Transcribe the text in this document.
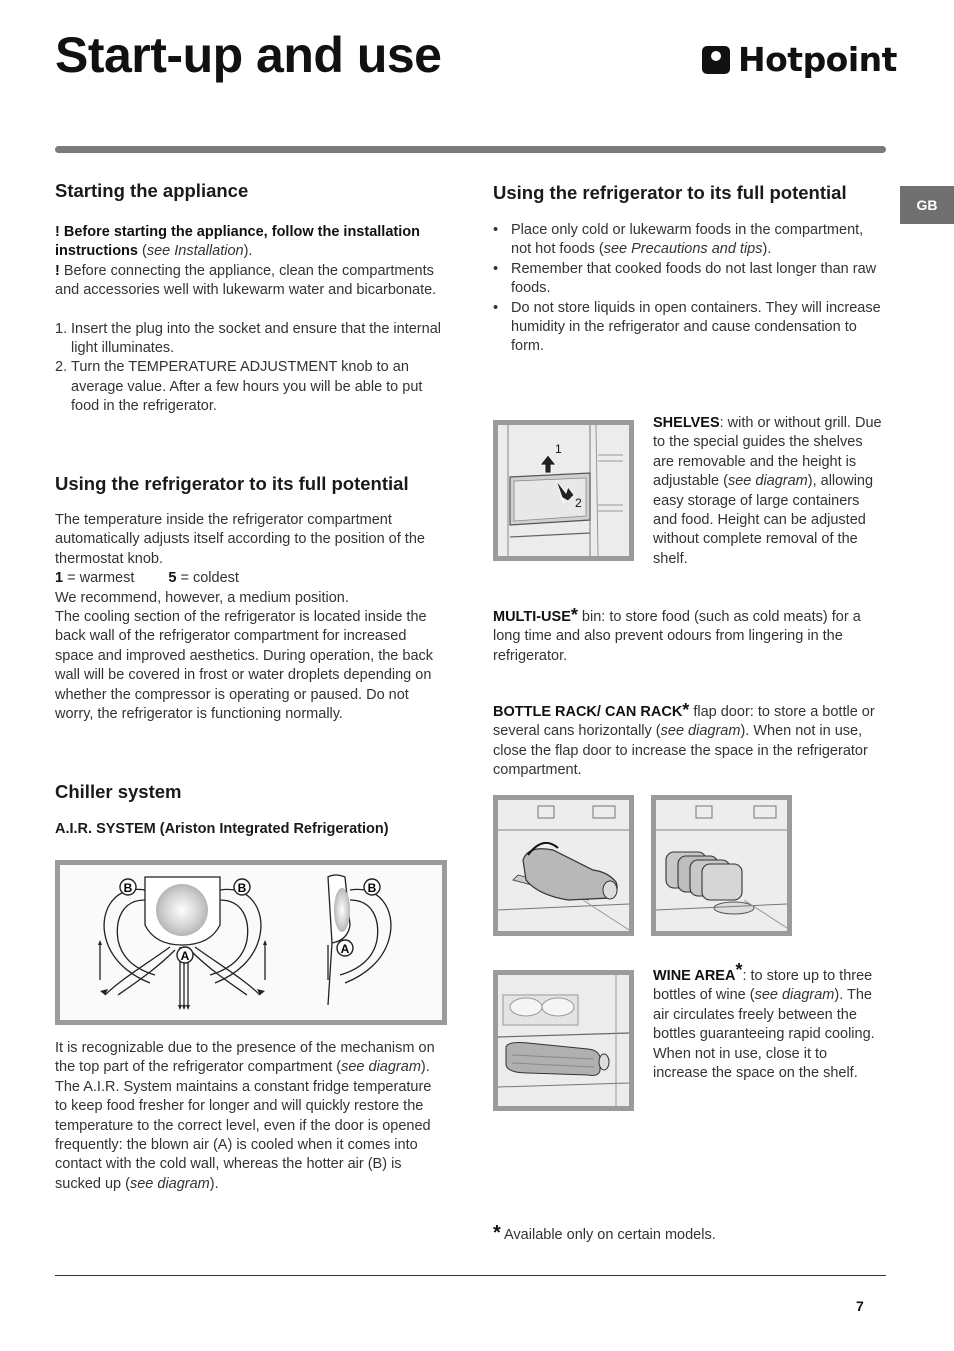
Start-up and use	Hotpoint
GB
Starting the appliance

! Before starting the appliance, follow the installation instructions (see Installation).

! Before connecting the appliance, clean the compartments and accessories well with lukewarm water and bicarbonate.

1. Insert the plug into the socket and ensure that the internal light illuminates.
2. Turn the TEMPERATURE ADJUSTMENT knob to an average value. After a few hours you will be able to put food in the refrigerator.
Using the refrigerator to its full potential

The temperature inside the refrigerator compartment automatically adjusts itself according to the position of the thermostat knob.

1 = warmest 5 = coldest

We recommend, however, a medium position.

The cooling section of the refrigerator is located inside the back wall of the refrigerator compartment for increased space and improved aesthetics. During operation, the back wall will be covered in frost or water droplets depending on whether the compressor is operating or paused. Do not worry, the refrigerator is functioning normally.

Chiller system
A.I.R. SYSTEM (Ariston Integrated Refrigeration)
B	B
A
B
A

It is recognizable due to the presence of the mechanism on the top part of the refrigerator compartment (see diagram). The A.I.R. System maintains a constant fridge temperature to keep food fresher for longer and will quickly restore the temperature to the correct level, even if the door is opened frequently: the blown air (A) is cooled when it comes into contact with the cold wall, whereas the hotter air (B) is sucked up (see diagram).

Using the refrigerator to its full potential
• Place only cold or lukewarm foods in the compartment, not hot foods (see Precautions and tips).
• Remember that cooked foods do not last longer than raw foods.
• Do not store liquids in open containers. They will increase humidity in the refrigerator and cause condensation to form.
1
2

SHELVES: with or without grill. Due to the special guides the shelves are removable and the height is adjustable (see diagram), allowing easy storage of large containers and food. Height can be adjusted without complete removal of the shelf.

MULTI-USE* bin: to store food (such as cold meats) for a long time and also prevent odours from lingering in the refrigerator.

BOTTLE RACK/ CAN RACK* flap door: to store a bottle or several cans horizontally (see diagram). When not in use, close the flap door to increase the space in the refrigerator compartment.

WINE AREA*: to store up to three bottles of wine (see diagram). The air circulates freely between the bottles guaranteeing rapid cooling. When not in use, close it to increase the space on the shelf.

* Available only on certain models.

7
